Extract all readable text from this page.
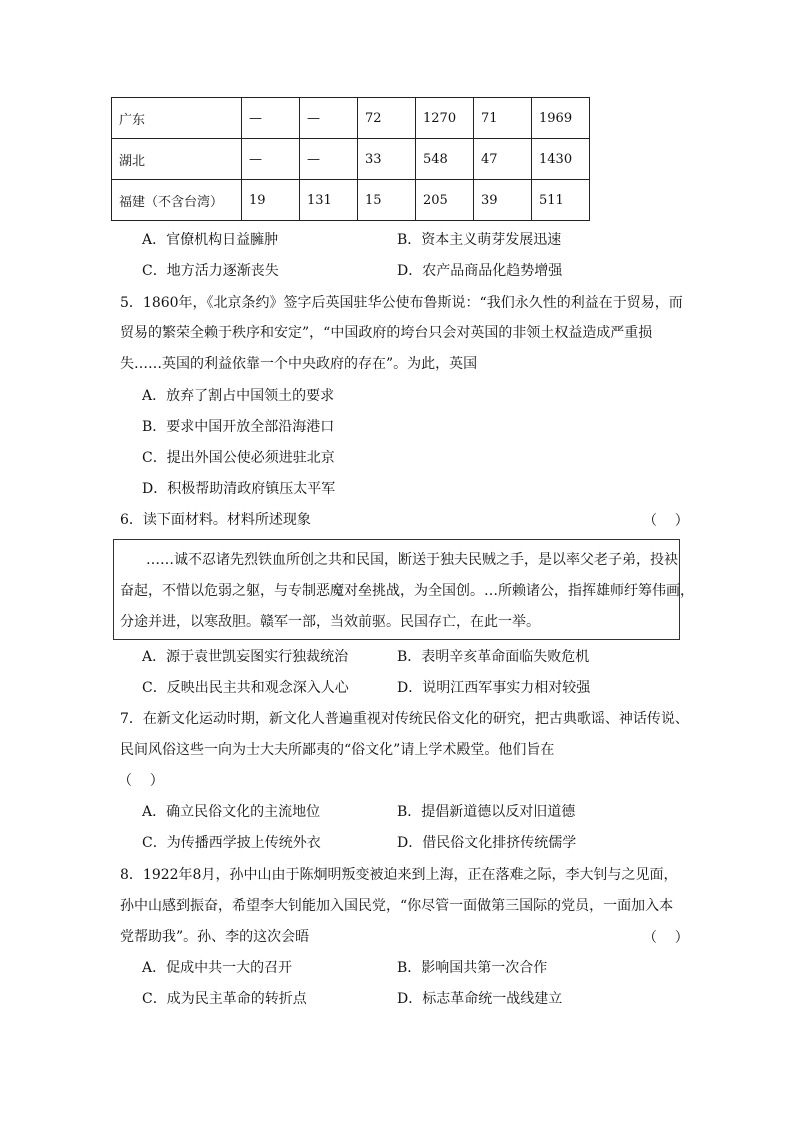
广东	—	—	72	1270	71	1969
湖北	—	—	33	548	47	1430
福建（不含台湾）	19	131	15	205	39	511
A．官僚机构日益臃肿	B．资本主义萌芽发展迅速
C．地方活力逐渐丧失	D．农产品商品化趋势增强
5．1860年，《北京条约》签字后英国驻华公使布鲁斯说：“我们永久性的利益在于贸易，而
贸易的繁荣全赖于秩序和安定”，“中国政府的垮台只会对英国的非领土权益造成严重损
失……英国的利益依靠一个中央政府的存在”。为此，英国
A．放弃了割占中国领土的要求
B．要求中国开放全部沿海港口
C．提出外国公使必须进驻北京
D．积极帮助清政府镇压太平军
6．读下面材料。材料所述现象	（    ）
……诚不忍诸先烈铁血所创之共和民国，断送于独夫民贼之手，是以率父老子弟，投袂
奋起，不惜以危弱之躯，与专制恶魔对垒挑战，为全国创。…所赖诸公，指挥雄师纡筹伟画，
分途并进，以寒敌胆。赣军一部，当效前驱。民国存亡，在此一举。
A．源于袁世凯妄图实行独裁统治	B．表明辛亥革命面临失败危机
C．反映出民主共和观念深入人心	D．说明江西军事实力相对较强
7．在新文化运动时期，新文化人普遍重视对传统民俗文化的研究，把古典歌谣、神话传说、
民间风俗这些一向为士大夫所鄙夷的“俗文化”请上学术殿堂。他们旨在
（    ）
A．确立民俗文化的主流地位	B．提倡新道德以反对旧道德
C．为传播西学披上传统外衣	D．借民俗文化排挤传统儒学
8．1922年8月，孙中山由于陈炯明叛变被迫来到上海，正在落难之际，李大钊与之见面，
孙中山感到振奋，希望李大钊能加入国民党，“你尽管一面做第三国际的党员，一面加入本
党帮助我”。孙、李的这次会晤	（    ）
A．促成中共一大的召开	B．影响国共第一次合作
C．成为民主革命的转折点	D．标志革命统一战线建立
